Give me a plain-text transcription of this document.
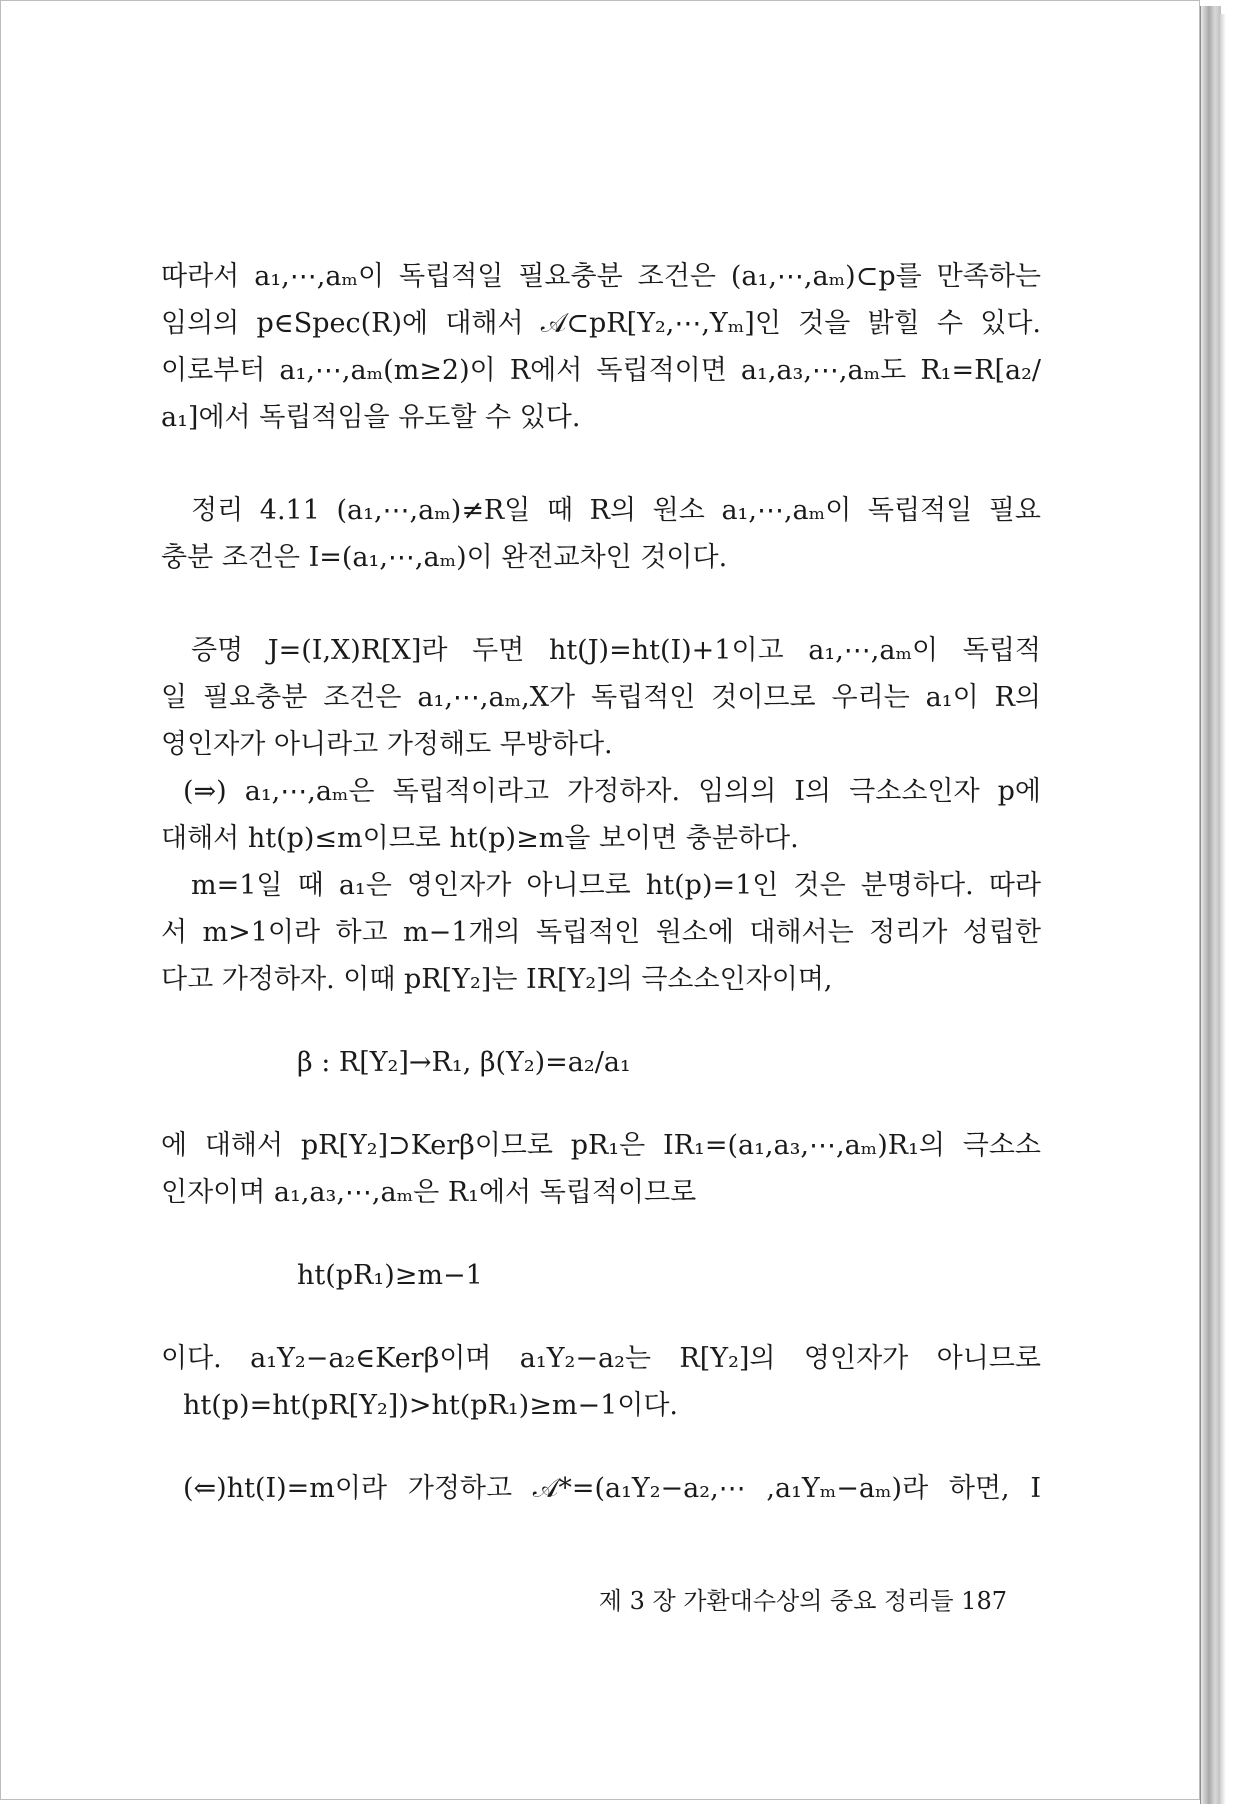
따라서 a₁,⋯,aₘ이 독립적일 필요충분 조건은 (a₁,⋯,aₘ)⊂p를 만족하는
임의의 p∈Spec(R)에 대해서 𝒜⊂pR[Y₂,⋯,Yₘ]인 것을 밝힐 수 있다.
이로부터 a₁,⋯,aₘ(m≥2)이 R에서 독립적이면 a₁,a₃,⋯,aₘ도 R₁=R[a₂/
a₁]에서 독립적임을 유도할 수 있다.
정리 4.11 (a₁,⋯,aₘ)≠R일 때 R의 원소 a₁,⋯,aₘ이 독립적일 필요
충분 조건은 I=(a₁,⋯,aₘ)이 완전교차인 것이다.
증명 J=(I,X)R[X]라 두면 ht(J)=ht(I)+1이고 a₁,⋯,aₘ이 독립적
일 필요충분 조건은 a₁,⋯,aₘ,X가 독립적인 것이므로 우리는 a₁이 R의
영인자가 아니라고 가정해도 무방하다.
(⇒) a₁,⋯,aₘ은 독립적이라고 가정하자. 임의의 I의 극소소인자 p에
대해서 ht(p)≤m이므로 ht(p)≥m을 보이면 충분하다.
m=1일 때 a₁은 영인자가 아니므로 ht(p)=1인 것은 분명하다. 따라
서 m>1이라 하고 m−1개의 독립적인 원소에 대해서는 정리가 성립한
다고 가정하자. 이때 pR[Y₂]는 IR[Y₂]의 극소소인자이며,
β : R[Y₂]→R₁, β(Y₂)=a₂/a₁
에 대해서 pR[Y₂]⊃Kerβ이므로 pR₁은 IR₁=(a₁,a₃,⋯,aₘ)R₁의 극소소
인자이며 a₁,a₃,⋯,aₘ은 R₁에서 독립적이므로
ht(pR₁)≥m−1
이다. a₁Y₂−a₂∈Kerβ이며 a₁Y₂−a₂는 R[Y₂]의 영인자가 아니므로
ht(p)=ht(pR[Y₂])>ht(pR₁)≥m−1이다.
(⇐)ht(I)=m이라 가정하고 𝒜*=(a₁Y₂−a₂,⋯ ,a₁Yₘ−aₘ)라 하면, I
제 3 장 가환대수상의 중요 정리들 187
